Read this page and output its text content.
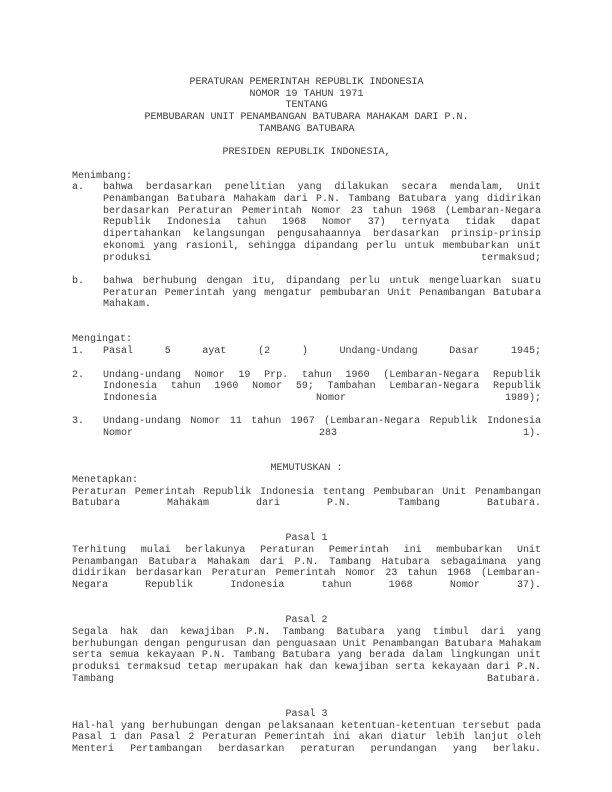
PERATURAN PEMERINTAH REPUBLIK INDONESIA
NOMOR 19 TAHUN 1971
TENTANG
PEMBUBARAN UNIT PENAMBANGAN BATUBARA MAHAKAM DARI P.N.
TAMBANG BATUBARA
PRESIDEN REPUBLIK INDONESIA,
Menimbang:
a.	bahwa berdasarkan penelitian yang dilakukan secara mendalam, Unit Penambangan Batubara Mahakam dari P.N. Tambang Batubara yang didirikan berdasarkan Peraturan Pemerintah Nomor 23 tahun 1968 (Lembaran-Negara Republik Indonesia tahun 1968 Nomor 37) ternyata tidak dapat dipertahankan kelangsungan pengusahaannya berdasarkan prinsip-prinsip ekonomi yang rasionil, sehingga dipandang perlu untuk membubarkan unit produksi termaksud;
b.	bahwa berhubung dengan itu, dipandang perlu untuk mengeluarkan suatu Peraturan Pemerintah yang mengatur pembubaran Unit Penambangan Batubara Mahakam.
Mengingat:
1.	Pasal 5 ayat (2 ) Undang-Undang Dasar 1945;
2.	Undang-undang Nomor 19 Prp. tahun 1960 (Lembaran-Negara Republik Indonesia tahun 1960 Nomor 59; Tambahan Lembaran-Negara Republik Indonesia Nomor 1989);
3.	Undang-undang Nomor 11 tahun 1967 (Lembaran-Negara Republik Indonesia Nomor 283 1).
MEMUTUSKAN :
Menetapkan:
Peraturan Pemerintah Republik Indonesia tentang Pembubaran Unit Penambangan Batubara Mahakam dari P.N. Tambang Batubara.
Pasal 1
Terhitung mulai berlakunya Peraturan Pemerintah ini membubarkan Unit Penambangan Batubara Mahakam dari P.N. Tambang Hatubara sebagaimana yang didirikan berdasarkan Peraturan Pemerintah Nomor 23 tahun 1968 (Lembaran-Negara Republik Indonesia tahun 1968 Nomor 37).
Pasal 2
Segala hak dan kewajiban P.N. Tambang Batubara yang timbul dari yang berhubungan dengan pengurusan dan penguasaan Unit Penambangan Batubara Mahakam serta semua kekayaan P.N. Tambang Batubara yang berada dalam lingkungan unit produksi termaksud tetap merupakan hak dan kewajiban serta kekayaan dari P.N. Tambang Batubara.
Pasal 3
Hal-hal yang berhubungan dengan pelaksanaan ketentuan-ketentuan tersebut pada Pasal 1 dan Pasal 2 Peraturan Pemerintah ini akan diatur lebih lanjut oleh Menteri Pertambangan berdasarkan peraturan perundangan yang berlaku.
